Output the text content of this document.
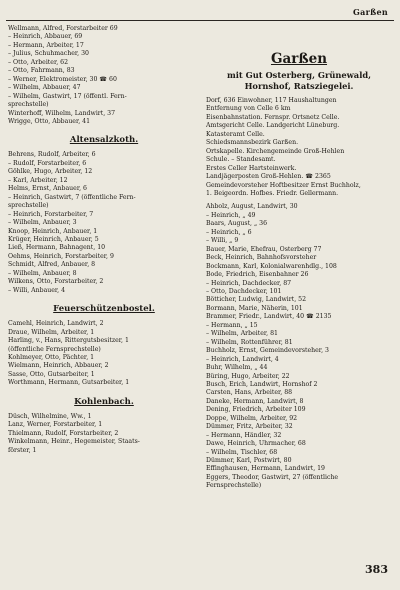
Garßen
Wellmann, Alfred, Forstarbeiter 69
– Heinrich, Abbauer, 69
– Hermann, Arbeiter, 17
– Julius, Schuhmacher, 30
– Otto, Arbeiter, 62
– Otto, Fahrmann, 83
– Werner, Elektromeister, 30 ☎ 60
– Wilhelm, Abbauer, 47
– Wilhelm, Gastwirt, 17 (öffentl. Fern-
sprechstelle)
Winterhoff, Wilhelm, Landwirt, 37
Wrigge, Otto, Abbauer, 41
Altensalzkoth.
Behrens, Rudolf, Arbeiter, 6
– Rudolf, Forstarbeiter, 6
Göhlke, Hugo, Arbeiter, 12
– Karl, Arbeiter, 12
Helms, Ernst, Anbauer, 6
– Heinrich, Gastwirt, 7 (öffentliche Fern-
sprechstelle)
– Heinrich, Forstarbeiter, 7
– Wilhelm, Anbauer, 3
Knoop, Heinrich, Anbauer, 1
Krüger, Heinrich, Anbauer, 5
Ließ, Hermann, Bahnagent, 10
Oehms, Heinrich, Forstarbeiter, 9
Schmidt, Alfred, Anbauer, 8
– Wilhelm, Anbauer, 8
Wilkens, Otto, Forstarbeiter, 2
– Willi, Anbauer, 4
Feuerschützenbostel.
Camehl, Heinrich, Landwirt, 2
Draue, Wilhelm, Arbeiter, 1
Harling, v., Hans, Rittergutsbesitzer, 1
(öffentliche Fernsprechstelle)
Kohlmeyer, Otto, Pächter, 1
Wielmann, Heinrich, Abbauer, 2
Sasse, Otto, Gutsarbeiter, 1
Worthmann, Hermann, Gutsarbeiter, 1
Kohlenbach.
Düsch, Wilhelmine, Ww., 1
Lanz, Werner, Forstarbeiter, 1
Thielmann, Rudolf, Forstarbeiter, 2
Winkelmann, Heinr., Hegemeister, Staats-
förster, 1
Garßen
mit Gut Osterberg, Grünewald,
Hornshof, Ratsziegelei.
Dorf, 636 Einwohner, 117 Haushaltungen
Entfernung von Celle 6 km
Eisenbahnstation. Fernspr. Ortsnetz Celle.
Amtsgericht Celle. Landgericht Lüneburg.
Katasteramt Celle.
Schiedsmannsbezirk Garßen.
Ortskapelle. Kirchengemeinde Groß-Hehlen
Schule. – Standesamt.
Erstes Celler Hartsteinwerk.
Landjägerposten Groß-Hehlen. ☎ 2365
Gemeindevorsteher Hoftbesitzer Ernst Buchholz,
1. Beigeordn. Hofbes. Friedr. Gellermann.
Ahbolz, August, Landwirt, 30
– Heinrich, „ 49
Baars, August, „ 36
– Heinrich, „ 6
– Willi, „ 9
Bauer, Marie, Ehefrau, Osterberg 77
Beck, Heinrich, Bahnhofsvorsteher
Bockmann, Karl, Kolonialwarenhdlg., 108
Bode, Friedrich, Eisenbahner 26
– Heinrich, Dachdecker, 87
– Otto, Dachdecker, 101
Bötticher, Ludwig, Landwirt, 52
Bormann, Marie, Näherin, 101
Brammer, Friedr., Landwirt, 40 ☎ 2135
– Hermann, „ 15
– Wilhelm, Arbeiter, 81
– Wilhelm, Rottenführer, 81
Buchholz, Ernst, Gemeindevorsteher, 3
– Heinrich, Landwirt, 4
Buhr, Wilhelm, „ 44
Büring, Hugo, Arbeiter, 22
Busch, Erich, Landwirt, Hornshof 2
Carsten, Hans, Arbeiter, 88
Daneke, Hermann, Landwirt, 8
Dening, Friedrich, Arbeiter 109
Doppe, Wilhelm, Arbeiter, 92
Dümmer, Fritz, Arbeiter, 32
– Hermann, Händler, 32
Dawe, Heinrich, Uhrmacher, 68
– Wilhelm, Tischler, 68
Dümmer, Karl, Postwirt, 80
Effinghausen, Hermann, Landwirt, 19
Eggers, Theodor, Gastwirt, 27 (öffentliche
Fernsprechstelle)
383
